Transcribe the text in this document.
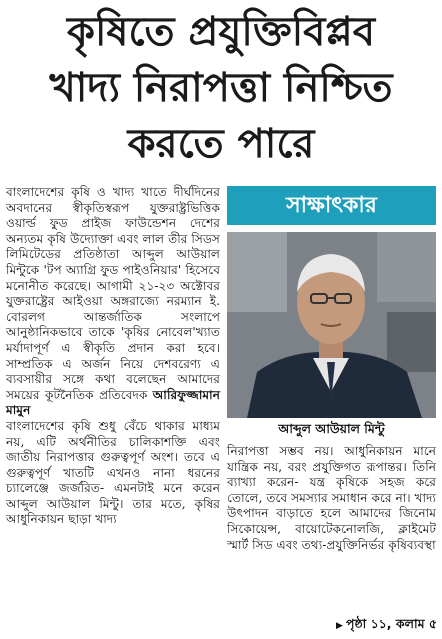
কৃষিতে প্রযুক্তিবিপ্লব
খাদ্য নিরাপত্তা নিশ্চিত
করতে পারে

বাংলাদেশের কৃষি ও খাদ্য খাতে দীর্ঘদিনের অবদানের স্বীকৃতিস্বরূপ যুক্তরাষ্ট্রভিত্তিক ওয়ার্ল্ড ফুড প্রাইজ ফাউন্ডেশন দেশের অন্যতম কৃষি উদ্যোক্তা এবং লাল তীর সিডস লিমিটেডের প্রতিষ্ঠাতা আব্দুল আউয়াল মিন্টুকে 'টপ অ্যাগ্রি ফুড পাইওনিয়ার' হিসেবে মনোনীত করেছে। আগামী ২১-২৩ অক্টোবর যুক্তরাষ্ট্রের আইওয়া অঙ্গরাজ্যে নরম্যান ই. বোরলগ আন্তর্জাতিক সংলাপে আনুষ্ঠানিকভাবে তাকে 'কৃষির নোবেল'খ্যাত মর্যাদাপূর্ণ এ স্বীকৃতি প্রদান করা হবে। সাম্প্রতিক এ অর্জন নিয়ে দেশবরেণ্য এ ব্যবসায়ীর সঙ্গে কথা বলেছেন আমাদের সময়ের কূটনৈতিক প্রতিবেদক আরিফুজ্জামান মামুন

বাংলাদেশের কৃষি শুধু বেঁচে থাকার মাধ্যম নয়, এটি অর্থনীতির চালিকাশক্তি এবং জাতীয় নিরাপত্তার গুরুত্বপূর্ণ অংশ। তবে এ গুরুত্বপূর্ণ খাতটি এখনও নানা ধরনের চ্যালেঞ্জে জর্জরিত- এমনটাই মনে করেন আব্দুল আউয়াল মিন্টু। তার মতে, কৃষির আধুনিকায়ন ছাড়া খাদ্য

সাক্ষাৎকার
আব্দুল আউয়াল মিন্টু

নিরাপত্তা সম্ভব নয়। আধুনিকায়ন মানে যান্ত্রিক নয়, বরং প্রযুক্তিগত রূপান্তর। তিনি ব্যাখ্যা করেন- যন্ত্র কৃষিকে সহজ করে তোলে, তবে সমস্যার সমাধান করে না। খাদ্য উৎপাদন বাড়াতে হলে আমাদের জিনোম সিকোয়েন্স, বায়োটেকনোলজি, ক্লাইমেট স্মার্ট সিড এবং তথ্য-প্রযুক্তিনির্ভর কৃষিব্যবস্থা

▶ পৃষ্ঠা ১১, কলাম ৫
